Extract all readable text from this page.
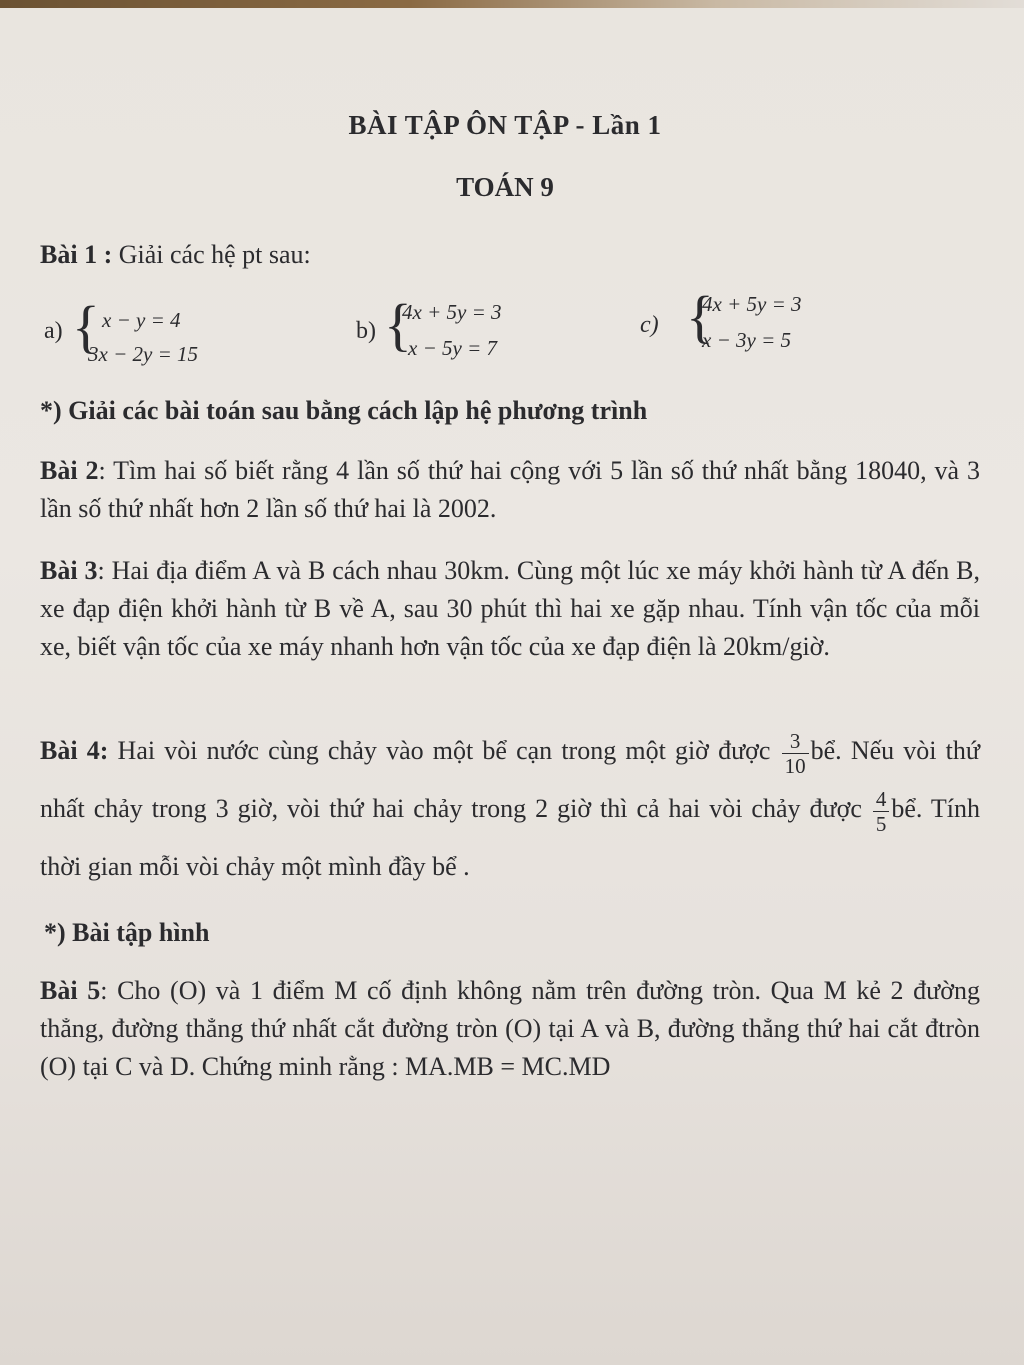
BÀI TẬP ÔN TẬP - Lần 1
TOÁN 9
Bài 1 : Giải các hệ pt sau:
a) { x − y = 4
3x − 2y = 15
b) {
4x + 5y = 3
x − 5y = 7
c) {
4x + 5y = 3
x − 3y = 5
*) Giải các bài toán sau bằng cách lập hệ phương trình
Bài 2: Tìm hai số biết rằng 4 lần số thứ hai cộng với 5 lần số thứ nhất bằng 18040, và 3 lần số thứ nhất hơn 2 lần số thứ hai là 2002.
Bài 3: Hai địa điểm A và B cách nhau 30km. Cùng một lúc xe máy khởi hành từ A đến B, xe đạp điện khởi hành từ B về A, sau 30 phút thì hai xe gặp nhau. Tính vận tốc của mỗi xe, biết vận tốc của xe máy nhanh hơn vận tốc của xe đạp điện là 20km/giờ.
Bài 4: Hai vòi nước cùng chảy vào một bể cạn trong một giờ được $\frac{3}{10}$ bể. Nếu vòi thứ nhất chảy trong 3 giờ, vòi thứ hai chảy trong 2 giờ thì cả hai vòi chảy được $\frac{4}{5}$ bể. Tính thời gian mỗi vòi chảy một mình đầy bể .
*) Bài tập hình
Bài 5: Cho (O) và 1 điểm M cố định không nằm trên đường tròn. Qua M kẻ 2 đường thẳng, đường thẳng thứ nhất cắt đường tròn (O) tại A và B, đường thẳng thứ hai cắt đtròn (O) tại C và D. Chứng minh rằng : MA.MB = MC.MD
